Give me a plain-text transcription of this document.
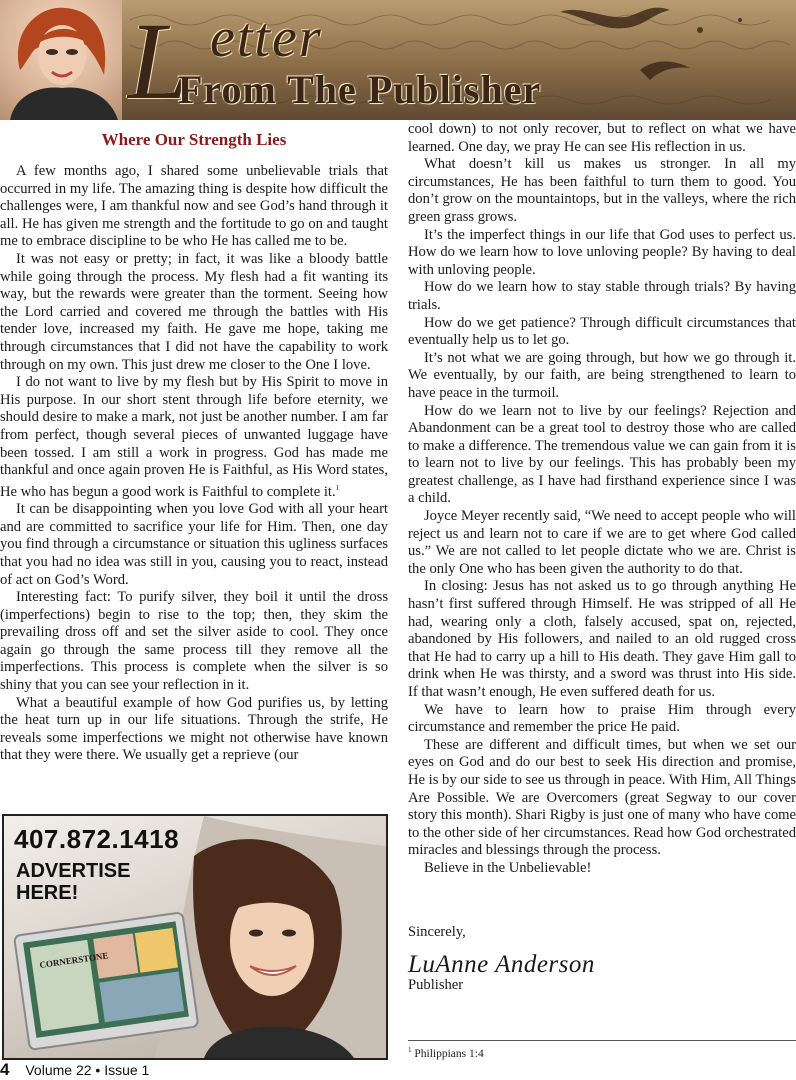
L etter
From The Publisher

Where Our Strength Lies

A few months ago, I shared some unbelievable trials that occurred in my life. The amazing thing is despite how difficult the challenges were, I am thankful now and see God’s hand through it all. He has given me strength and the fortitude to go on and taught me to embrace discipline to be who He has called me to be.

It was not easy or pretty; in fact, it was like a bloody battle while going through the process. My flesh had a fit wanting its way, but the rewards were greater than the torment. Seeing how the Lord carried and covered me through the battles with His tender love, increased my faith. He gave me hope, taking me through circumstances that I did not have the capability to work through on my own. This just drew me closer to the One I love.

I do not want to live by my flesh but by His Spirit to move in His purpose. In our short stent through life before eternity, we should desire to make a mark, not just be another number. I am far from perfect, though several pieces of unwanted luggage have been tossed. I am still a work in progress. God has made me thankful and once again proven He is Faithful, as His Word states, He who has begun a good work is Faithful to complete it.$^1$

It can be disappointing when you love God with all your heart and are committed to sacrifice your life for Him. Then, one day you find through a circumstance or situation this ugliness surfaces that you had no idea was still in you, causing you to react, instead of act on God’s Word.

Interesting fact: To purify silver, they boil it until the dross (imperfections) begin to rise to the top; then, they skim the prevailing dross off and set the silver aside to cool. They once again go through the same process till they remove all the imperfections. This process is complete when the silver is so shiny that you can see your reflection in it.

What a beautiful example of how God purifies us, by letting the heat turn up in our life situations. Through the strife, He reveals some imperfections we might not otherwise have known that they were there. We usually get a reprieve (our

CORNERSTONE
407.872.1418
ADVERTISE
HERE!

cool down) to not only recover, but to reflect on what we have learned. One day, we pray He can see His reflection in us.

What doesn’t kill us makes us stronger. In all my circumstances, He has been faithful to turn them to good. You don’t grow on the mountaintops, but in the valleys, where the rich green grass grows.

It’s the imperfect things in our life that God uses to perfect us. How do we learn how to love unloving people? By having to deal with unloving people.

How do we learn how to stay stable through trials? By having trials.

How do we get patience? Through difficult circumstances that eventually help us to let go.

It’s not what we are going through, but how we go through it. We eventually, by our faith, are being strengthened to learn to have peace in the turmoil.

How do we learn not to live by our feelings? Rejection and Abandonment can be a great tool to destroy those who are called to make a difference. The tremendous value we can gain from it is to learn not to live by our feelings. This has probably been my greatest challenge, as I have had firsthand experience since I was a child.

Joyce Meyer recently said, “We need to accept people who will reject us and learn not to care if we are to get where God called us.” We are not called to let people dictate who we are. Christ is the only One who has been given the authority to do that.

In closing: Jesus has not asked us to go through anything He hasn’t first suffered through Himself. He was stripped of all He had, wearing only a cloth, falsely accused, spat on, rejected, abandoned by His followers, and nailed to an old rugged cross that He had to carry up a hill to His death. They gave Him gall to drink when He was thirsty, and a sword was thrust into His side. If that wasn’t enough, He even suffered death for us.

We have to learn how to praise Him through every circumstance and remember the price He paid.

These are different and difficult times, but when we set our eyes on God and do our best to seek His direction and promise, He is by our side to see us through in peace. With Him, All Things Are Possible. We are Overcomers (great Segway to our cover story this month). Shari Rigby is just one of many who have come to the other side of her circumstances. Read how God orchestrated miracles and blessings through the process.

Believe in the Unbelievable!

Sincerely,
LuAnne Anderson
Publisher
$^1$ Philippians 1:4
4 Volume 22 • Issue 1
